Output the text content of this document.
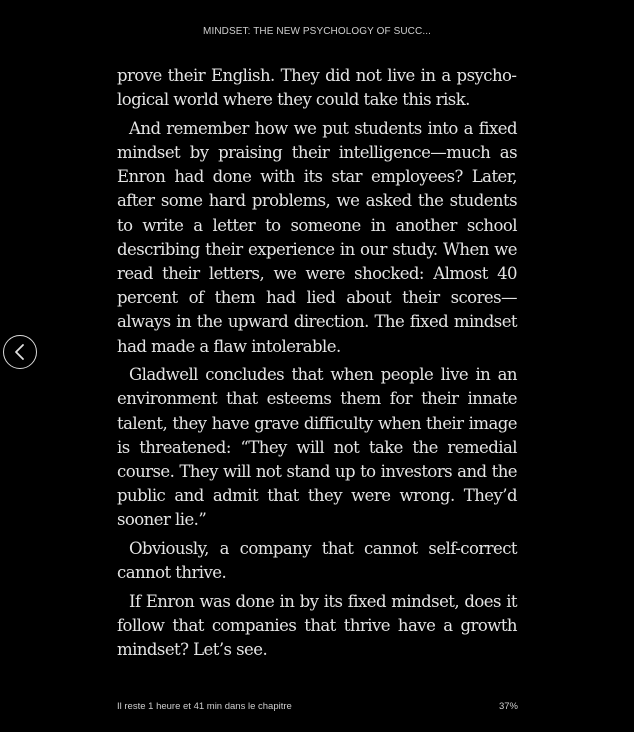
MINDSET: THE NEW PSYCHOLOGY OF SUCC...

prove their English. They did not live in a psychological world where they could take this risk.

And remember how we put students into a fixed mindset by praising their intelligence—much as Enron had done with its star employees? Later, after some hard problems, we asked the students to write a letter to someone in another school describing their experience in our study. When we read their letters, we were shocked: Almost 40 percent of them had lied about their scores—always in the upward direction. The fixed mindset had made a flaw intolerable.

Gladwell concludes that when people live in an environment that esteems them for their innate talent, they have grave difficulty when their image is threatened: “They will not take the remedial course. They will not stand up to investors and the public and admit that they were wrong. They’d sooner lie.”

Obviously, a company that cannot self-correct cannot thrive.

If Enron was done in by its fixed mindset, does it follow that companies that thrive have a growth mindset? Let’s see.

Il reste 1 heure et 41 min dans le chapitre	37%
